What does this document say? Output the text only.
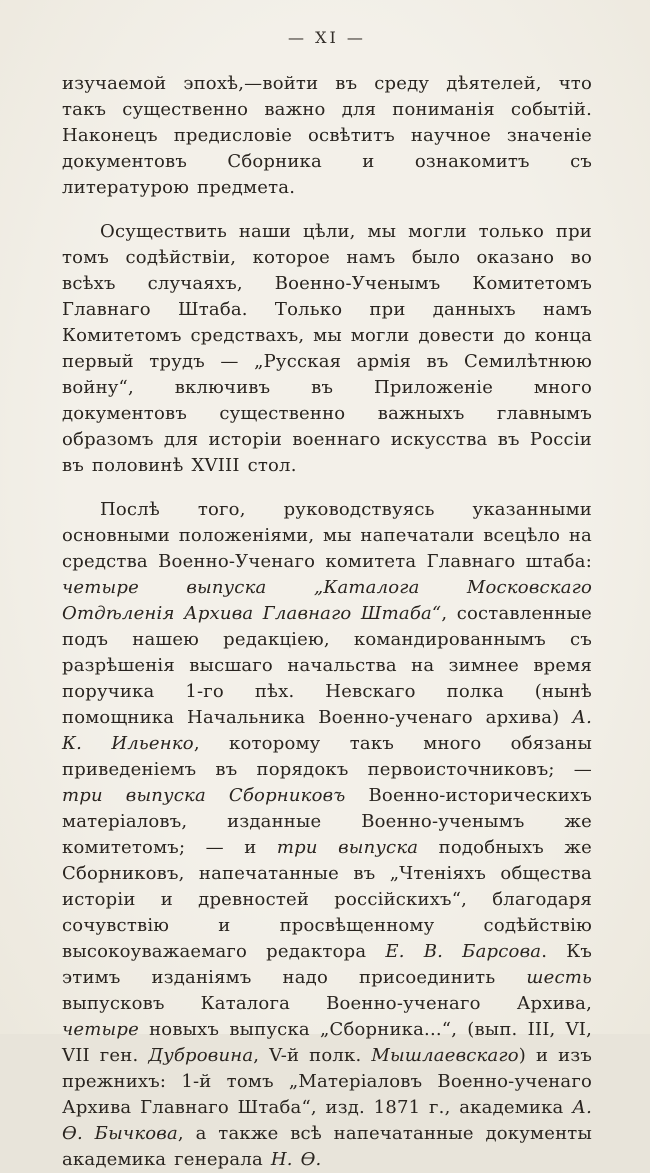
— XI —

изучаемой эпохѣ,—войти въ среду дѣятелей, что такъ существенно важно для пониманія событій. Наконецъ предисловіе освѣтитъ научное значеніе документовъ Сборника и ознакомитъ съ литературою предмета.

Осуществить наши цѣли, мы могли только при томъ содѣйствіи, которое намъ было оказано во всѣхъ случаяхъ, Военно-Ученымъ Комитетомъ Главнаго Штаба. Только при данныхъ намъ Комитетомъ средствахъ, мы могли довести до конца первый трудъ — „Русская армія въ Семилѣтнюю войну“, включивъ въ Приложеніе много документовъ существенно важныхъ главнымъ образомъ для исторіи военнаго искусства въ Россіи въ половинѣ XVIII стол.

Послѣ того, руководствуясь указанными основными положеніями, мы напечатали всецѣло на средства Военно-Ученаго комитета Главнаго штаба: четыре выпуска „Каталога Московскаго Отдѣленія Архива Главнаго Штаба“, составленные подъ нашею редакціею, командированнымъ съ разрѣшенія высшаго начальства на зимнее время поручика 1-го пѣх. Невскаго полка (нынѣ помощника Начальника Военно-ученаго архива) А. К. Ильенко, которому такъ много обязаны приведеніемъ въ порядокъ первоисточниковъ; — три выпуска Сборниковъ Военно-историческихъ матеріаловъ, изданные Военно-ученымъ же комитетомъ; — и три выпуска подобныхъ же Сборниковъ, напечатанные въ „Чтеніяхъ общества исторіи и древностей россійскихъ“, благодаря сочувствію и просвѣщенному содѣйствію высокоуважаемаго редактора Е. В. Барсова. Къ этимъ изданіямъ надо присоединить шесть выпусковъ Каталога Военно-ученаго Архива, четыре новыхъ выпуска „Сборника...“, (вып. III, VI, VII ген. Дубровина, V-й полк. Мышлаевскаго) и изъ прежнихъ: 1-й томъ „Матеріаловъ Военно-ученаго Архива Главнаго Штаба“, изд. 1871 г., академика А. Ѳ. Бычкова, а также всѣ напечатанные документы академика генерала Н. Ѳ.
